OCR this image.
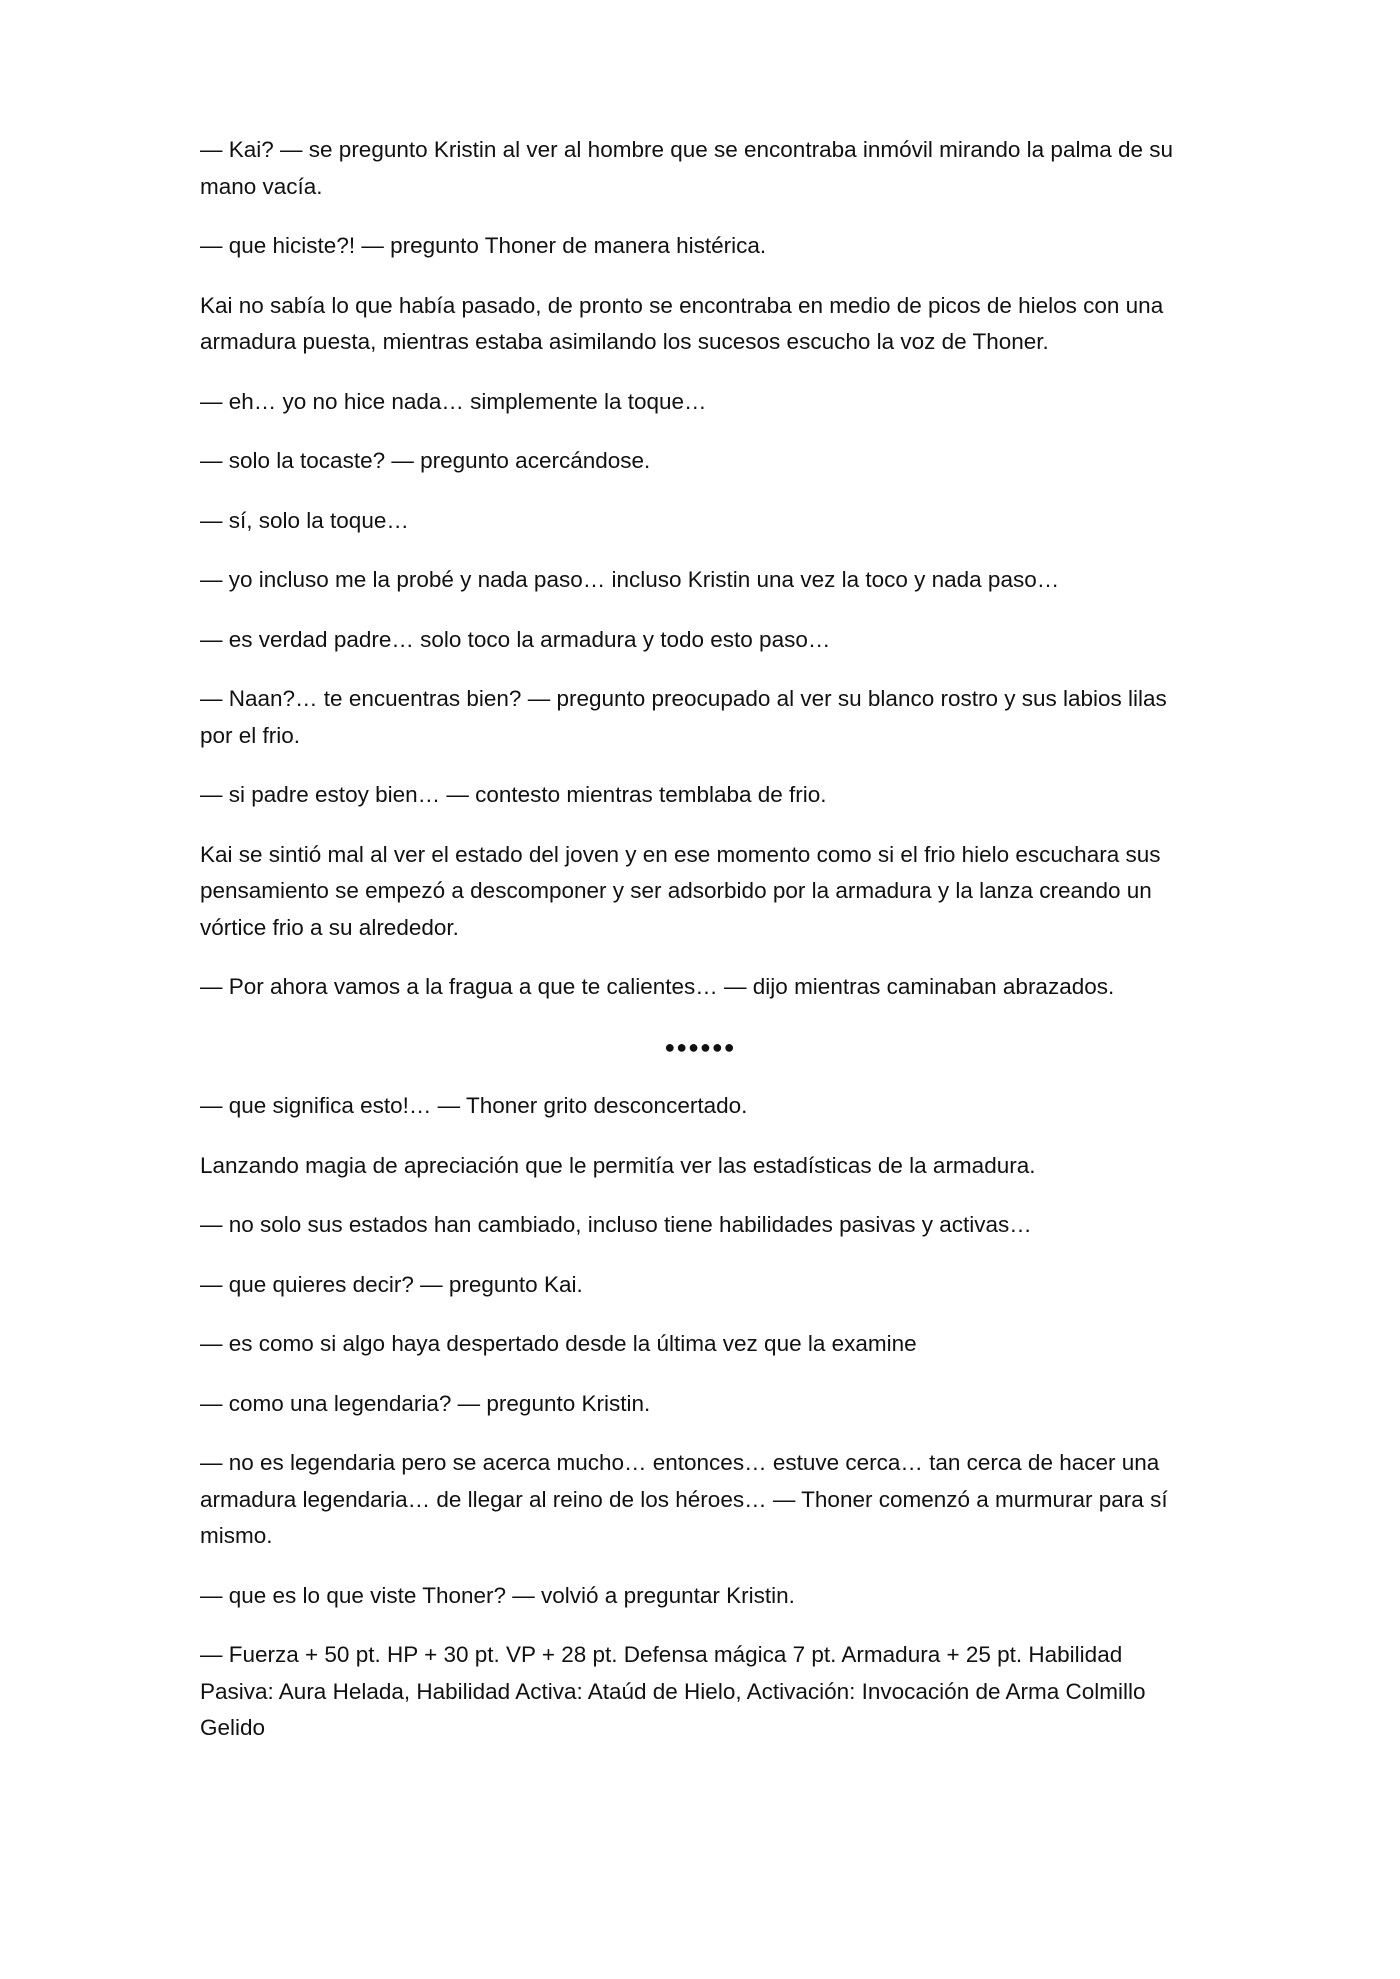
— Kai? — se pregunto Kristin al ver al hombre que se encontraba inmóvil mirando la palma de su mano vacía.

— que hiciste?! — pregunto Thoner de manera histérica.

Kai no sabía lo que había pasado, de pronto se encontraba en medio de picos de hielos con una armadura puesta, mientras estaba asimilando los sucesos escucho la voz de Thoner.

— eh… yo no hice nada… simplemente la toque…

— solo la tocaste? — pregunto acercándose.

— sí, solo la toque…

— yo incluso me la probé y nada paso… incluso Kristin una vez la toco y nada paso…

— es verdad padre… solo toco la armadura y todo esto paso…

— Naan?… te encuentras bien? — pregunto preocupado al ver su blanco rostro y sus labios lilas por el frio.

— si padre estoy bien… — contesto mientras temblaba de frio.

Kai se sintió mal al ver el estado del joven y en ese momento como si el frio hielo escuchara sus pensamiento se empezó a descomponer y ser adsorbido por la armadura y la lanza creando un vórtice frio a su alrededor.

— Por ahora vamos a la fragua a que te calientes… — dijo mientras caminaban abrazados.

●●●●●●

— que significa esto!… — Thoner grito desconcertado.

Lanzando magia de apreciación que le permitía ver las estadísticas de la armadura.

— no solo sus estados han cambiado, incluso tiene habilidades pasivas y activas…

— que quieres decir? — pregunto Kai.

— es como si algo haya despertado desde la última vez que la examine

— como una legendaria? — pregunto Kristin.

— no es legendaria pero se acerca mucho… entonces… estuve cerca… tan cerca de hacer una armadura legendaria… de llegar al reino de los héroes… — Thoner comenzó a murmurar para sí mismo.

— que es lo que viste Thoner? — volvió a preguntar Kristin.

— Fuerza + 50 pt. HP + 30 pt. VP + 28 pt. Defensa mágica 7 pt. Armadura + 25 pt. Habilidad Pasiva: Aura Helada, Habilidad Activa: Ataúd de Hielo, Activación: Invocación de Arma Colmillo Gelido
